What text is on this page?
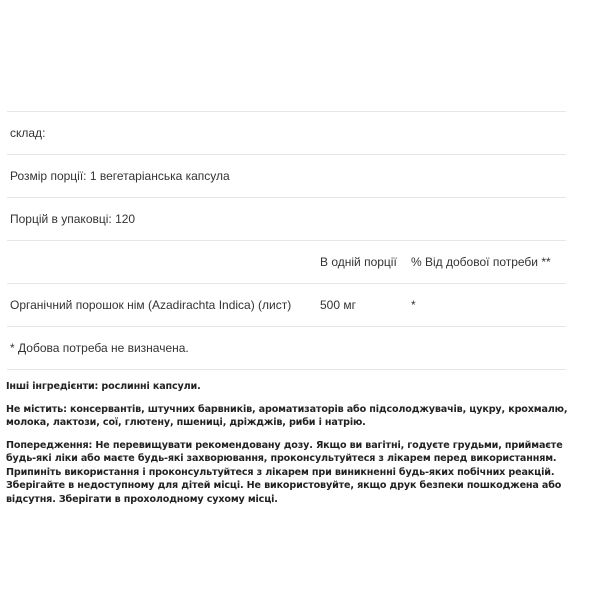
склад:
Розмір порції: 1 вегетаріанська капсула
Порцій в упаковці: 120
В одній порції % Від добової потреби **
Органічний порошок нім (Azadirachta Indica) (лист) 500 мг	*
* Добова потреба не визначена.

Інші інгредієнти: рослинні капсули.

Не містить: консервантів, штучних барвників, ароматизаторів або підсолоджувачів, цукру, крохмалю, молока, лактози, сої, глютену, пшениці, дріжджів, риби і натрію.

Попередження: Не перевищувати рекомендовану дозу. Якщо ви вагітні, годуєте грудьми, приймаєте будь-які ліки або маєте будь-які захворювання, проконсультуйтеся з лікарем перед використанням. Припиніть використання і проконсультуйтеся з лікарем при виникненні будь-яких побічних реакцій. Зберігайте в недоступному для дітей місці. Не використовуйте, якщо друк безпеки пошкоджена або відсутня. Зберігати в прохолодному сухому місці.
